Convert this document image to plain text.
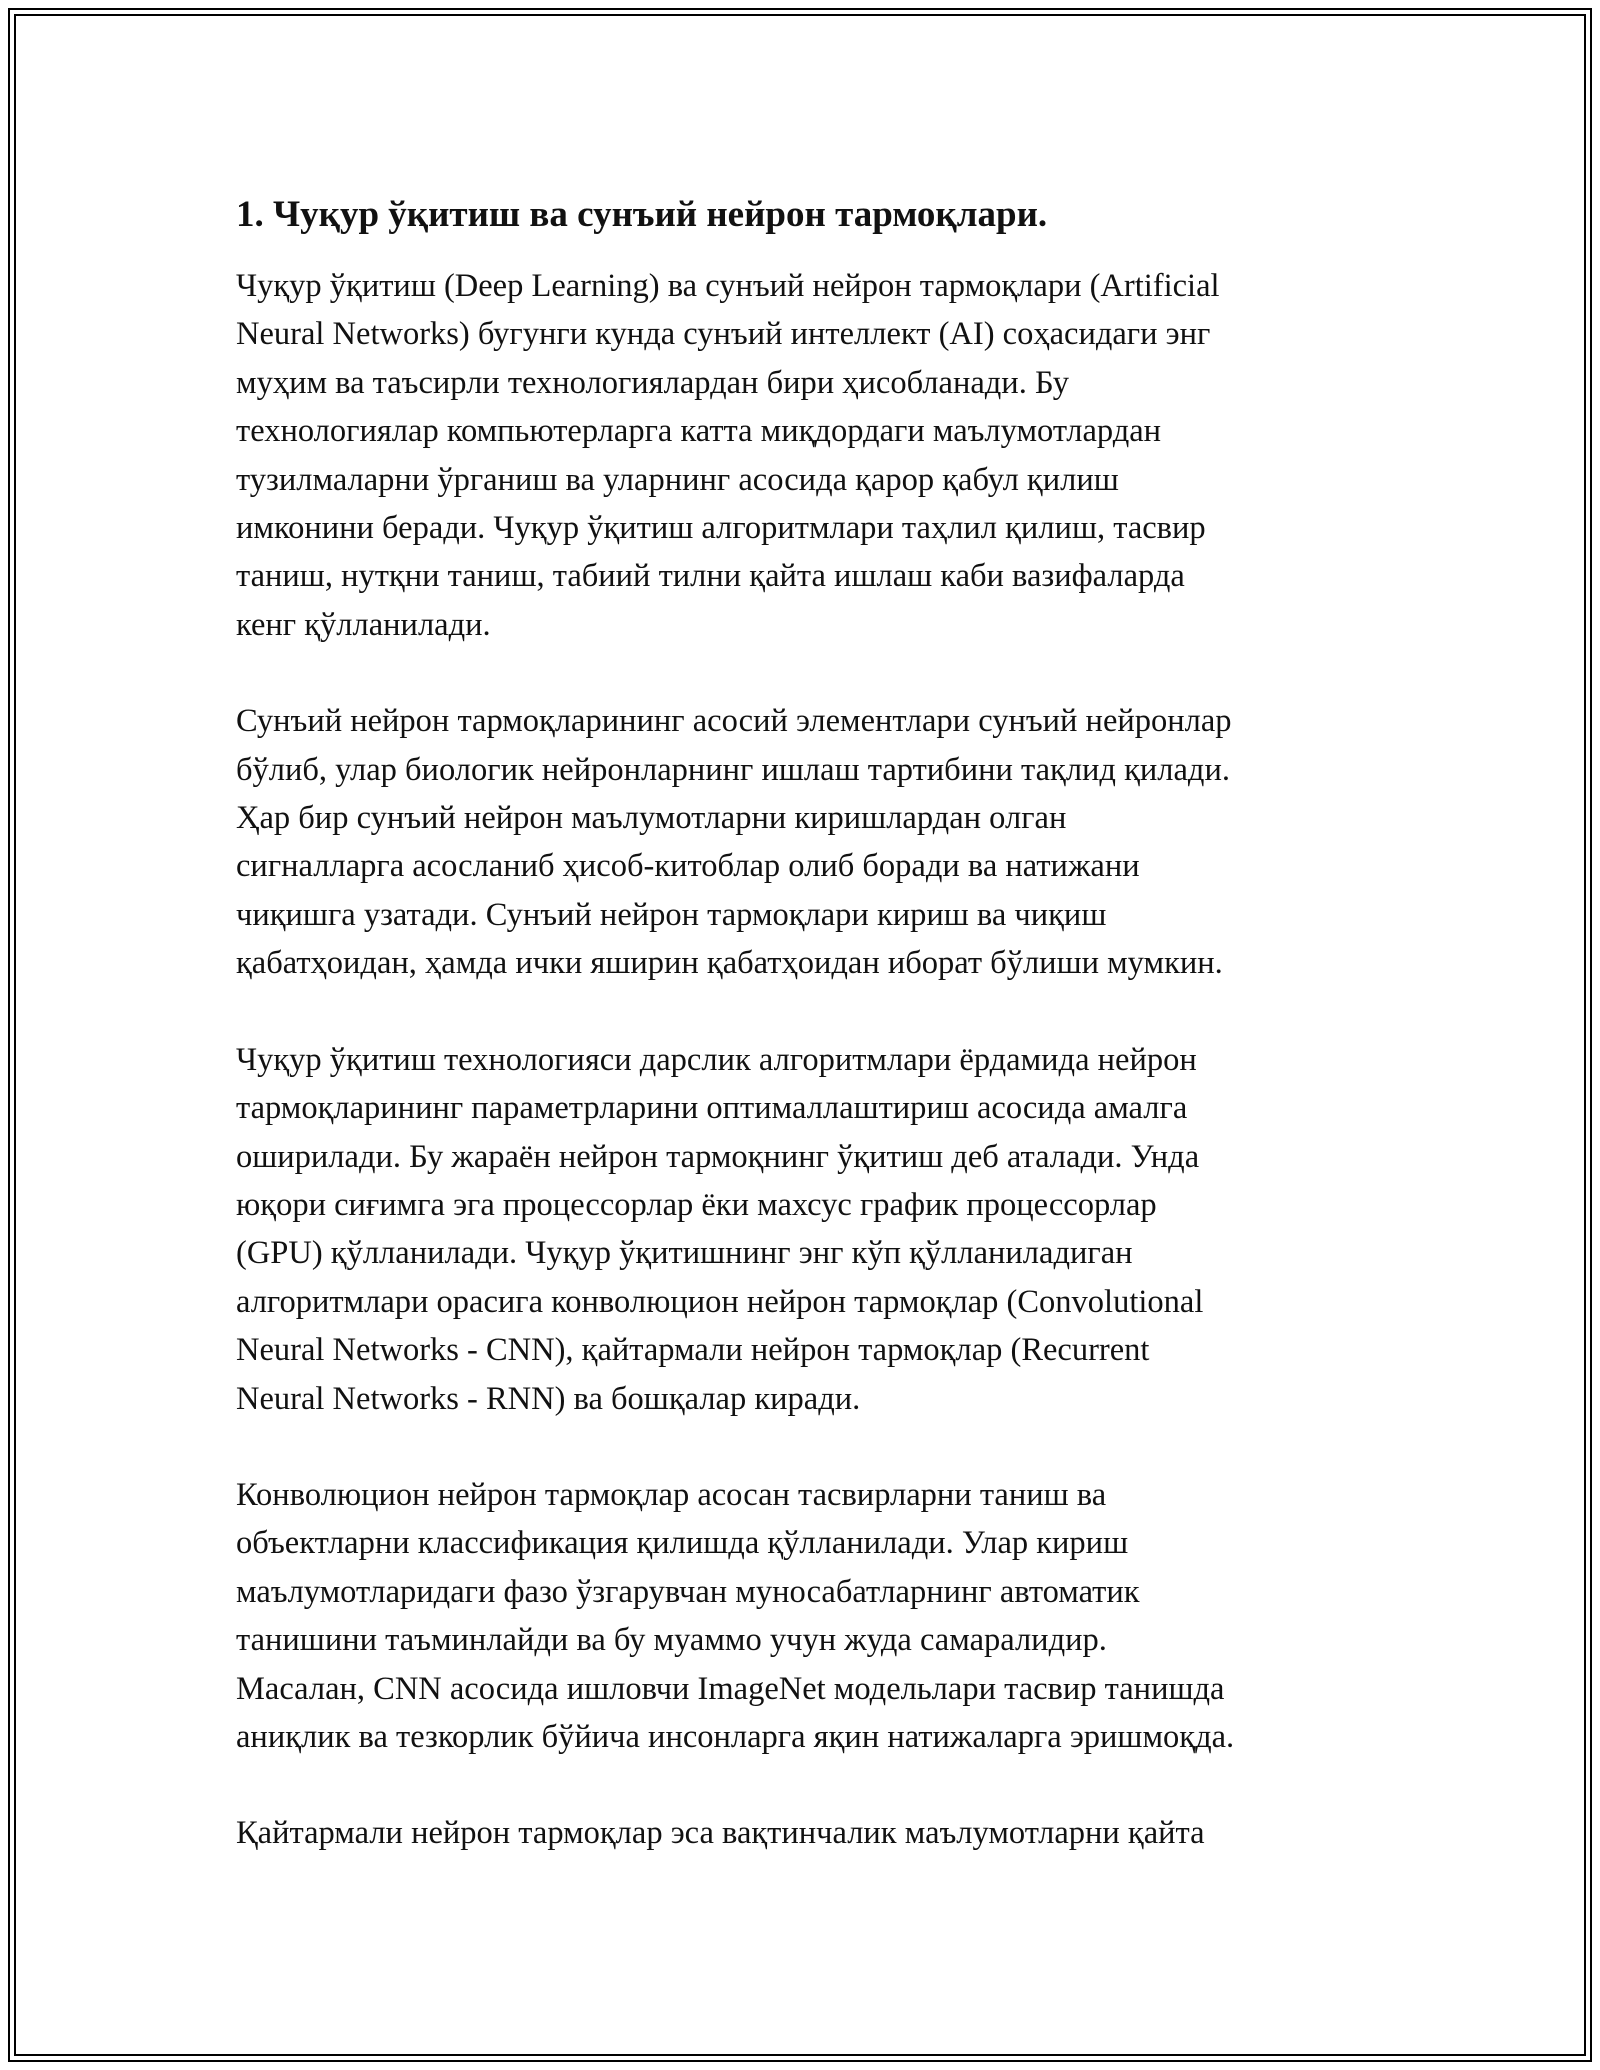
1. Чуқур ўқитиш ва сунъий нейрон тармоқлари.

Чуқур ўқитиш (Deep Learning) ва сунъий нейрон тармоқлари (Artificial
Neural Networks) бугунги кунда сунъий интеллект (AI) соҳасидаги энг
муҳим ва таъсирли технологиялардан бири ҳисобланади. Бу
технологиялар компьютерларга катта миқдордаги маълумотлардан
тузилмаларни ўрганиш ва уларнинг асосида қарор қабул қилиш
имконини беради. Чуқур ўқитиш алгоритмлари таҳлил қилиш, тасвир
таниш, нутқни таниш, табиий тилни қайта ишлаш каби вазифаларда
кенг қўлланилади.

Сунъий нейрон тармоқларининг асосий элементлари сунъий нейронлар
бўлиб, улар биологик нейронларнинг ишлаш тартибини тақлид қилади.
Ҳар бир сунъий нейрон маълумотларни киришлардан олган
сигналларга асосланиб ҳисоб-китоблар олиб боради ва натижани
чиқишга узатади. Сунъий нейрон тармоқлари кириш ва чиқиш
қабатҳоидан, ҳамда ички яширин қабатҳоидан иборат бўлиши мумкин.

Чуқур ўқитиш технологияси дарслик алгоритмлари ёрдамида нейрон
тармоқларининг параметрларини оптималлаштириш асосида амалга
оширилади. Бу жараён нейрон тармоқнинг ўқитиш деб аталади. Унда
юқори сиғимга эга процессорлар ёки махсус график процессорлар
(GPU) қўлланилади. Чуқур ўқитишнинг энг кўп қўлланиладиган
алгоритмлари орасига конволюцион нейрон тармоқлар (Convolutional
Neural Networks - CNN), қайтармали нейрон тармоқлар (Recurrent
Neural Networks - RNN) ва бошқалар киради.

Конволюцион нейрон тармоқлар асосан тасвирларни таниш ва
объектларни классификация қилишда қўлланилади. Улар кириш
маълумотларидаги фазо ўзгарувчан муносабатларнинг автоматик
танишини таъминлайди ва бу муаммо учун жуда самаралидир.
Масалан, CNN асосида ишловчи ImageNet модельлари тасвир танишда
аниқлик ва тезкорлик бўйича инсонларга яқин натижаларга эришмоқда.

Қайтармали нейрон тармоқлар эса вақтинчалик маълумотларни қайта
